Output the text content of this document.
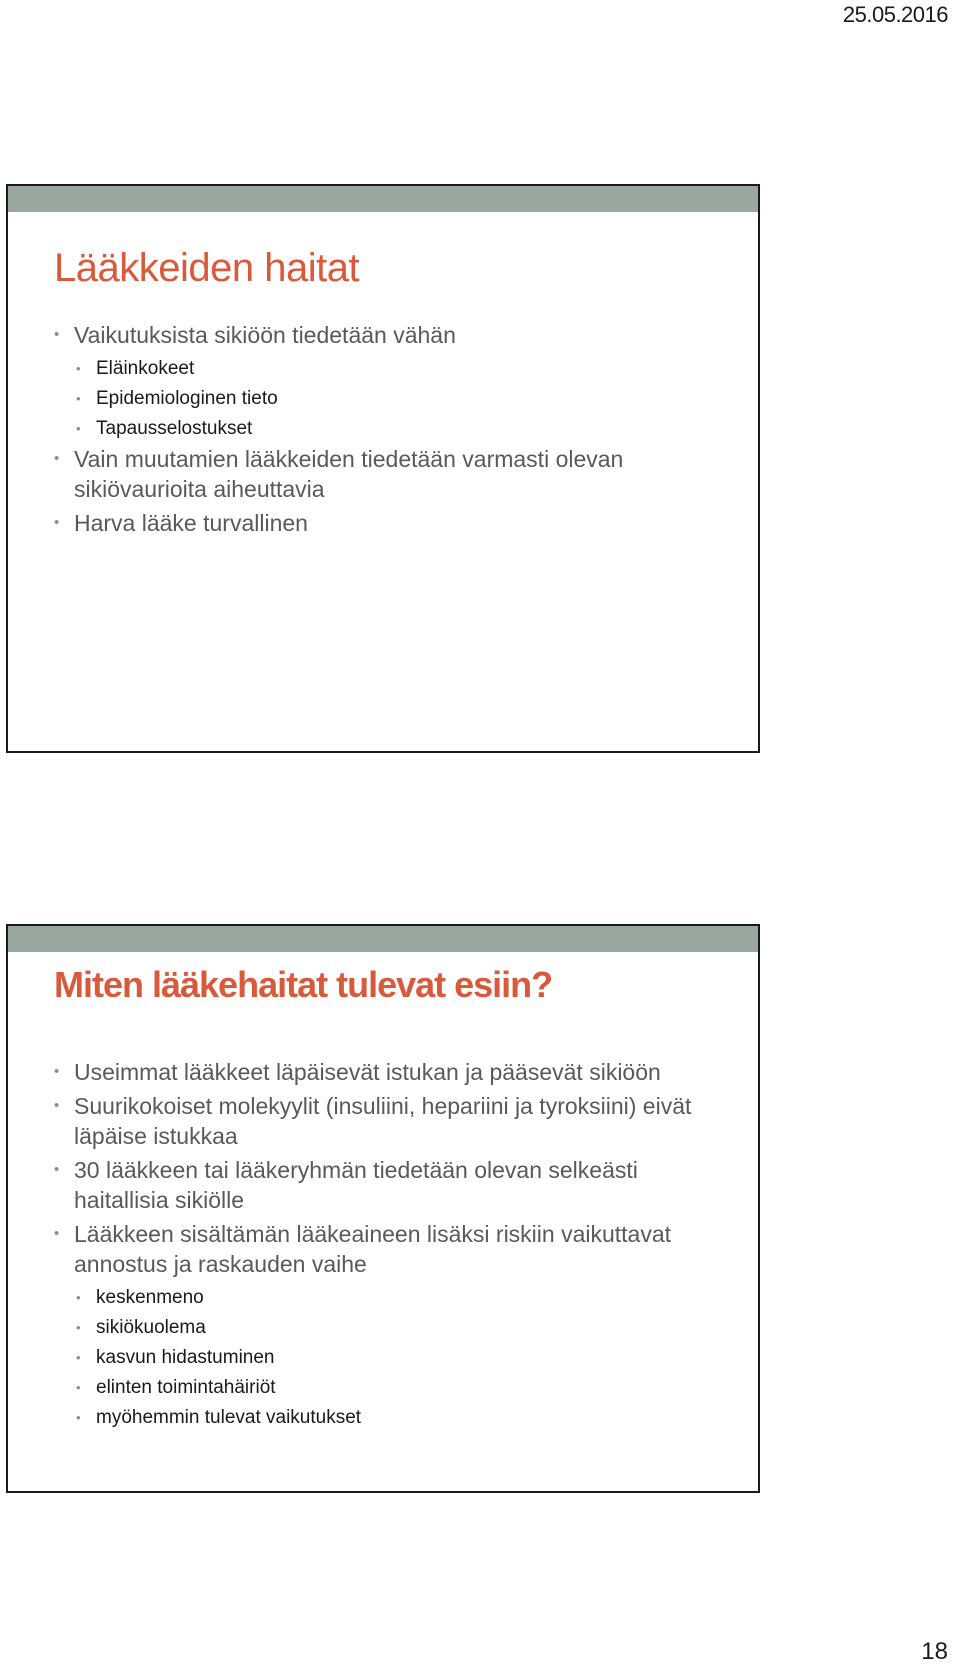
25.05.2016
Lääkkeiden haitat
• Vaikutuksista sikiöön tiedetään vähän
• Eläinkokeet
• Epidemiologinen tieto
• Tapausselostukset
• Vain muutamien lääkkeiden tiedetään varmasti olevan sikiövaurioita aiheuttavia
• Harva lääke turvallinen
Miten lääkehaitat tulevat esiin?
• Useimmat lääkkeet läpäisevät istukan ja pääsevät sikiöön
• Suurikokoiset molekyylit (insuliini, hepariini ja tyroksiini) eivät läpäise istukkaa
• 30 lääkkeen tai lääkeryhmän tiedetään olevan selkeästi haitallisia sikiölle
• Lääkkeen sisältämän lääkeaineen lisäksi riskiin vaikuttavat annostus ja raskauden vaihe
• keskenmeno
• sikiökuolema
• kasvun hidastuminen
• elinten toimintahäiriöt
• myöhemmin tulevat vaikutukset
18
